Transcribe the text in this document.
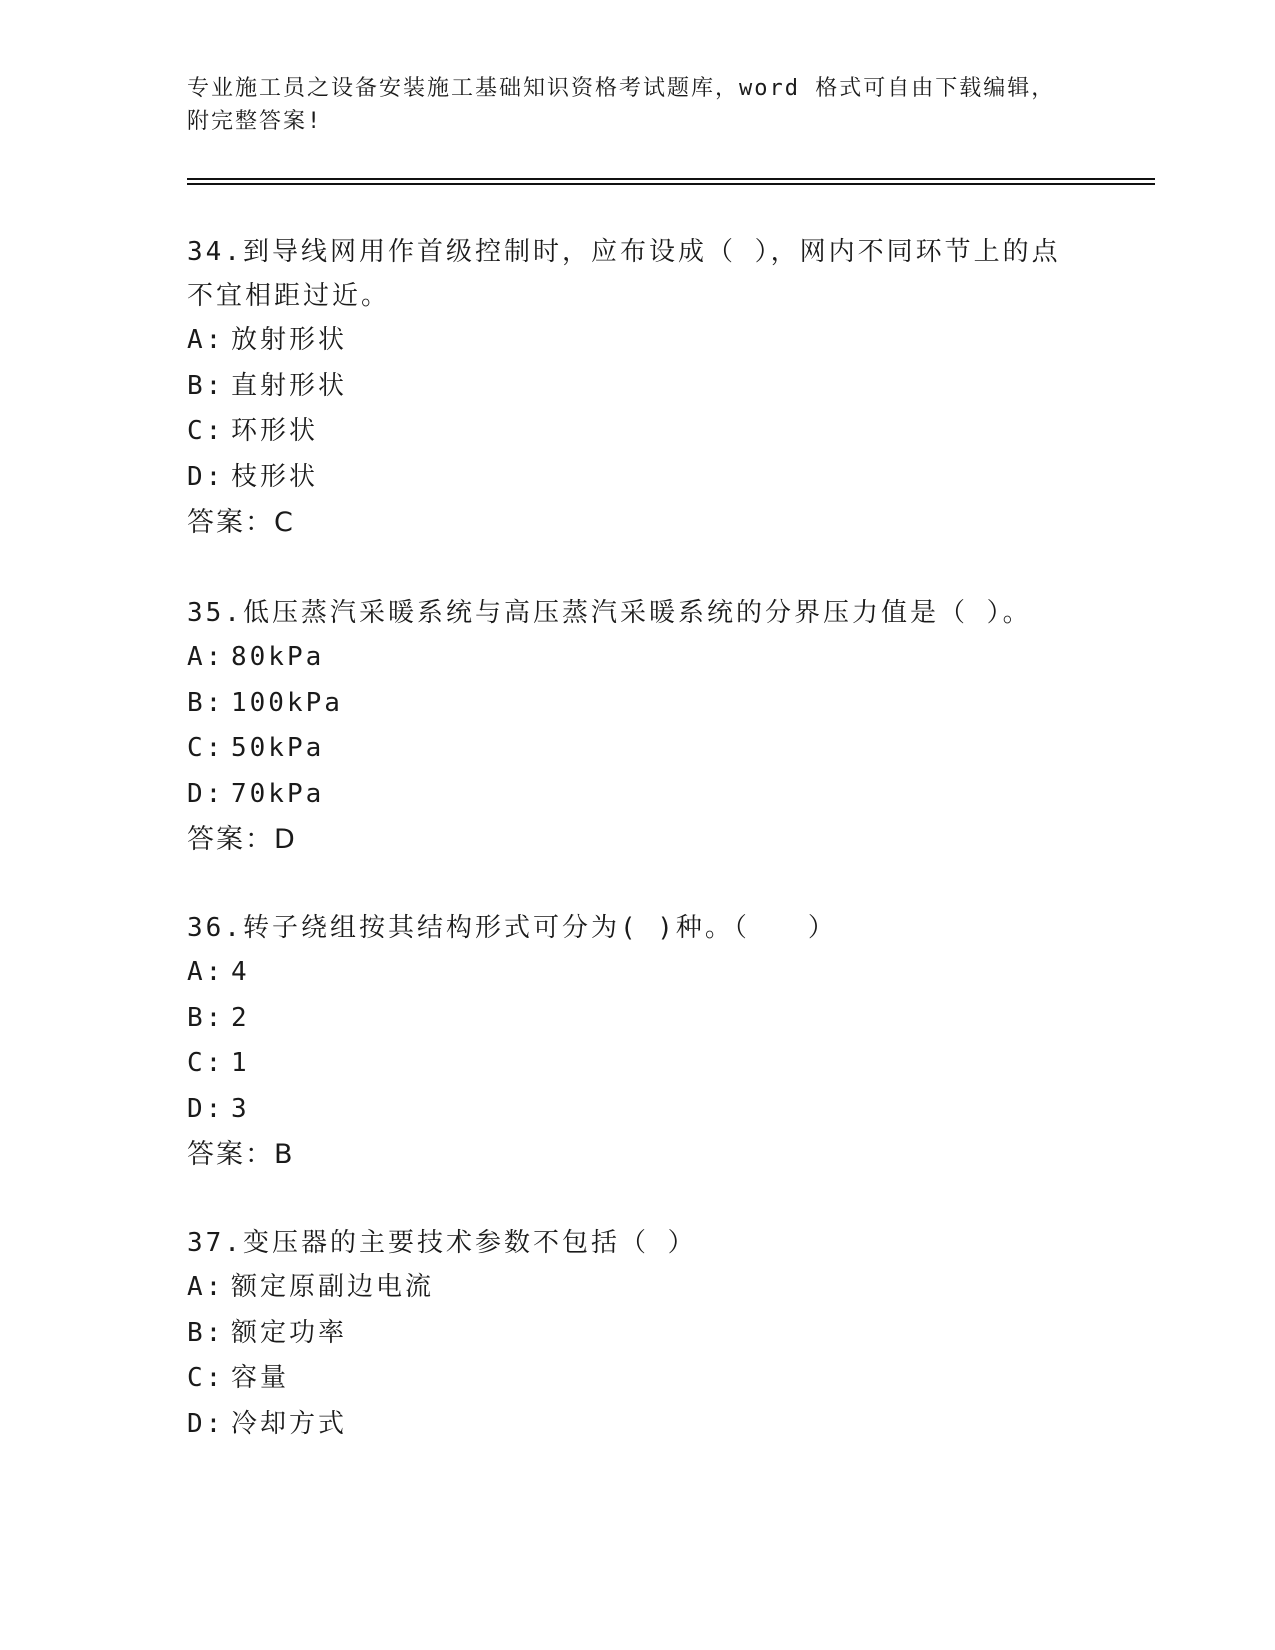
专业施工员之设备安装施工基础知识资格考试题库，word 格式可自由下载编辑，
附完整答案!
34.到导线网用作首级控制时，应布设成（ ），网内不同环节上的点
不宜相距过近。
A: 放射形状
B: 直射形状
C: 环形状
D: 枝形状
答案：C
35.低压蒸汽采暖系统与高压蒸汽采暖系统的分界压力值是（ ）。
A: 80kPa
B: 100kPa
C: 50kPa
D: 70kPa
答案：D
36.转子绕组按其结构形式可分为( )种。（　　）
A: 4
B: 2
C: 1
D: 3
答案：B
37.变压器的主要技术参数不包括（ ）
A: 额定原副边电流
B: 额定功率
C: 容量
D: 冷却方式
